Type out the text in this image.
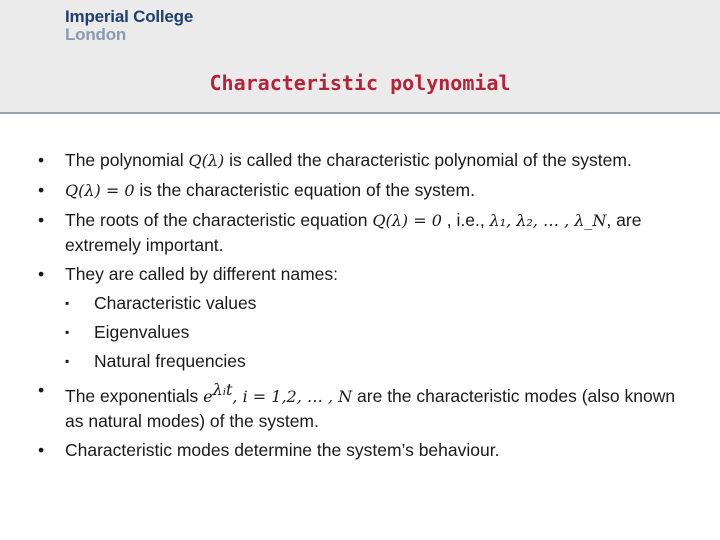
Imperial College
London
Characteristic polynomial
•	The polynomial Q(λ) is called the characteristic polynomial of the system.
•	Q(λ) = 0 is the characteristic equation of the system.
•	The roots of the characteristic equation Q(λ) = 0 , i.e., λ₁, λ₂, … , λ_N, are extremely important.
•	They are called by different names:
▪	Characteristic values
▪	Eigenvalues
▪	Natural frequencies
•	The exponentials $e^{\lambda ᵢt}$, i = 1,2, … , N are the characteristic modes (also known as natural modes) of the system.
•	Characteristic modes determine the system’s behaviour.
